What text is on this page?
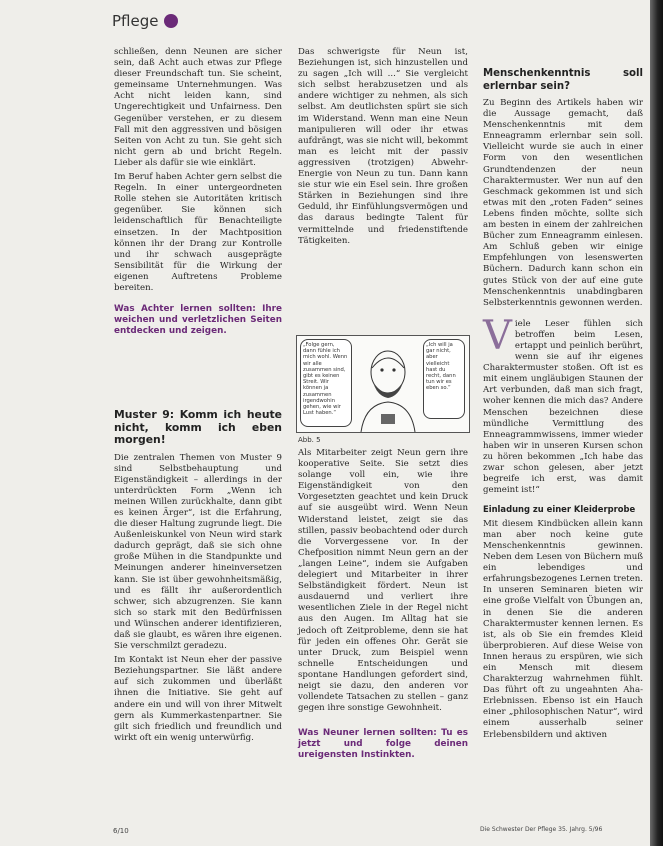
Pflege

schließen, denn Neunen are sicher sein, daß Acht auch etwas zur Pflege dieser Freundschaft tun. Sie scheint, gemeinsame Unternehmungen. Was Acht nicht leiden kann, sind Ungerechtigkeit und Unfairness. Den Gegenüber verstehen, er zu diesem Fall mit den aggressiven und bösigen Seiten von Acht zu tun. Sie geht sich nicht gern ab und bricht Regeln. Lieber als dafür sie wie einklärt.

Im Beruf haben Achter gern selbst die Regeln. In einer untergeordneten Rolle stehen sie Autoritäten kritisch gegenüber. Sie können sich leidenschaftlich für Benachteiligte einsetzen. In der Machtposition können ihr der Drang zur Kontrolle und ihr schwach ausgeprägte Sensibilität für die Wirkung der eigenen Auftretens Probleme bereiten.

Was Achter lernen sollten: Ihre weichen und verletzlichen Seiten entdecken und zeigen.

Muster 9: Komm ich heute nicht, komm ich eben morgen!

Die zentralen Themen von Muster 9 sind Selbstbehauptung und Eigenständigkeit – allerdings in der unterdrückten Form „Wenn ich meinen Willen zurückhalte, dann gibt es keinen Ärger“, ist die Erfahrung, die dieser Haltung zugrunde liegt. Die Außenleiskunkel von Neun wird stark dadurch geprägt, daß sie sich ohne große Mühen in die Standpunkte und Meinungen anderer hineinversetzen kann. Sie ist über gewohnheitsmäßig, und es fällt ihr außerordentlich schwer, sich abzugrenzen. Sie kann sich so stark mit den Bedürfnissen und Wünschen anderer identifizieren, daß sie glaubt, es wären ihre eigenen. Sie verschmilzt geradezu.

Im Kontakt ist Neun eher der passive Beziehungspartner. Sie läßt andere auf sich zukommen und überläßt ihnen die Initiative. Sie geht auf andere ein und will von ihrer Mitwelt gern als Kummerkastenpartner. Sie gilt sich friedlich und freundlich und wirkt oft ein wenig unterwürfig.

Das schwerigste für Neun ist, Beziehungen ist, sich hinzustellen und zu sagen „Ich will ...“ Sie vergleicht sich selbst herabzusetzen und als andere wichtiger zu nehmen, als sich selbst. Am deutlichsten spürt sie sich im Widerstand. Wenn man eine Neun manipulieren will oder ihr etwas aufdrängt, was sie nicht will, bekommt man es leicht mit der passiv aggressiven (trotzigen) Abwehr-Energie von Neun zu tun. Dann kann sie stur wie ein Esel sein. Ihre großen Stärken in Beziehungen sind ihre Geduld, ihr Einfühlungsvermögen und das daraus bedingte Talent für vermittelnde und friedenstiftende Tätigkeiten.

„Folge gern, dann fühle ich mich wohl. Wenn wir alle zusammen sind, gibt es keinen Streit. Wir können ja zusammen irgendwohin gehen, wie wir Lust haben.“
„Ich will ja gar nicht, aber vielleicht hast du recht, dann tun wir es eben so.“
Abb. 5

Als Mitarbeiter zeigt Neun gern ihre kooperative Seite. Sie setzt dies solange voll ein, wie ihre Eigenständigkeit von den Vorgesetzten geachtet und kein Druck auf sie ausgeübt wird. Wenn Neun Widerstand leistet, zeigt sie das stillen, passiv beobachtend oder durch die Vorvergessene vor. In der Chefposition nimmt Neun gern an der „langen Leine“, indem sie Aufgaben delegiert und Mitarbeiter in ihrer Selbständigkeit fördert. Neun ist ausdauernd und verliert ihre wesentlichen Ziele in der Regel nicht aus den Augen. Im Alltag hat sie jedoch oft Zeitprobleme, denn sie hat für jeden ein offenes Ohr. Gerät sie unter Druck, zum Beispiel wenn schnelle Entscheidungen und spontane Handlungen gefordert sind, neigt sie dazu, den anderen vor vollendete Tatsachen zu stellen – ganz gegen ihre sonstige Gewohnheit.

Was Neuner lernen sollten: Tu es jetzt und folge deinen ureigensten Instinkten.

Menschenkenntnis soll erlernbar sein?

Zu Beginn des Artikels haben wir die Aussage gemacht, daß Menschenkenntnis mit dem Enneagramm erlernbar sein soll. Vielleicht wurde sie auch in einer Form von den wesentlichen Grundtendenzen der neun Charaktermuster. Wer nun auf den Geschmack gekommen ist und sich etwas mit den „roten Faden“ seines Lebens finden möchte, sollte sich am besten in einem der zahlreichen Bücher zum Enneagramm einlesen. Am Schluß geben wir einige Empfehlungen von lesenswerten Büchern. Dadurch kann schon ein gutes Stück von der auf eine gute Menschenkenntnis unabdingbaren Selbsterkenntnis gewonnen werden.

Viele Leser fühlen sich betroffen beim Lesen, ertappt und peinlich berührt, wenn sie auf ihr eigenes Charaktermuster stoßen. Oft ist es mit einem ungläubigen Staunen der Art verbunden, daß man sich fragt, woher kennen die mich das? Andere Menschen bezeichnen diese mündliche Vermittlung des Enneagrammwissens, immer wieder haben wir in unseren Kursen schon zu hören bekommen „Ich habe das zwar schon gelesen, aber jetzt begreife ich erst, was damit gemeint ist!“

Einladung zu einer Kleiderprobe

Mit diesem Kindbücken allein kann man aber noch keine gute Menschenkenntnis gewinnen. Neben dem Lesen von Büchern muß ein lebendiges und erfahrungsbezogenes Lernen treten. In unseren Seminaren bieten wir eine große Vielfalt von Übungen an, in denen Sie die anderen Charaktermuster kennen lernen. Es ist, als ob Sie ein fremdes Kleid überprobieren. Auf diese Weise von Innen heraus zu erspüren, wie sich ein Mensch mit diesem Charakterzug wahrnehmen fühlt. Das führt oft zu ungeahnten Aha-Erlebnissen. Ebenso ist ein Hauch einer „philosophischen Natur“, wird einem ausserhalb seiner Erlebensbildern und aktiven

6/10	Die Schwester Der Pflege 35. Jahrg. 5/96
